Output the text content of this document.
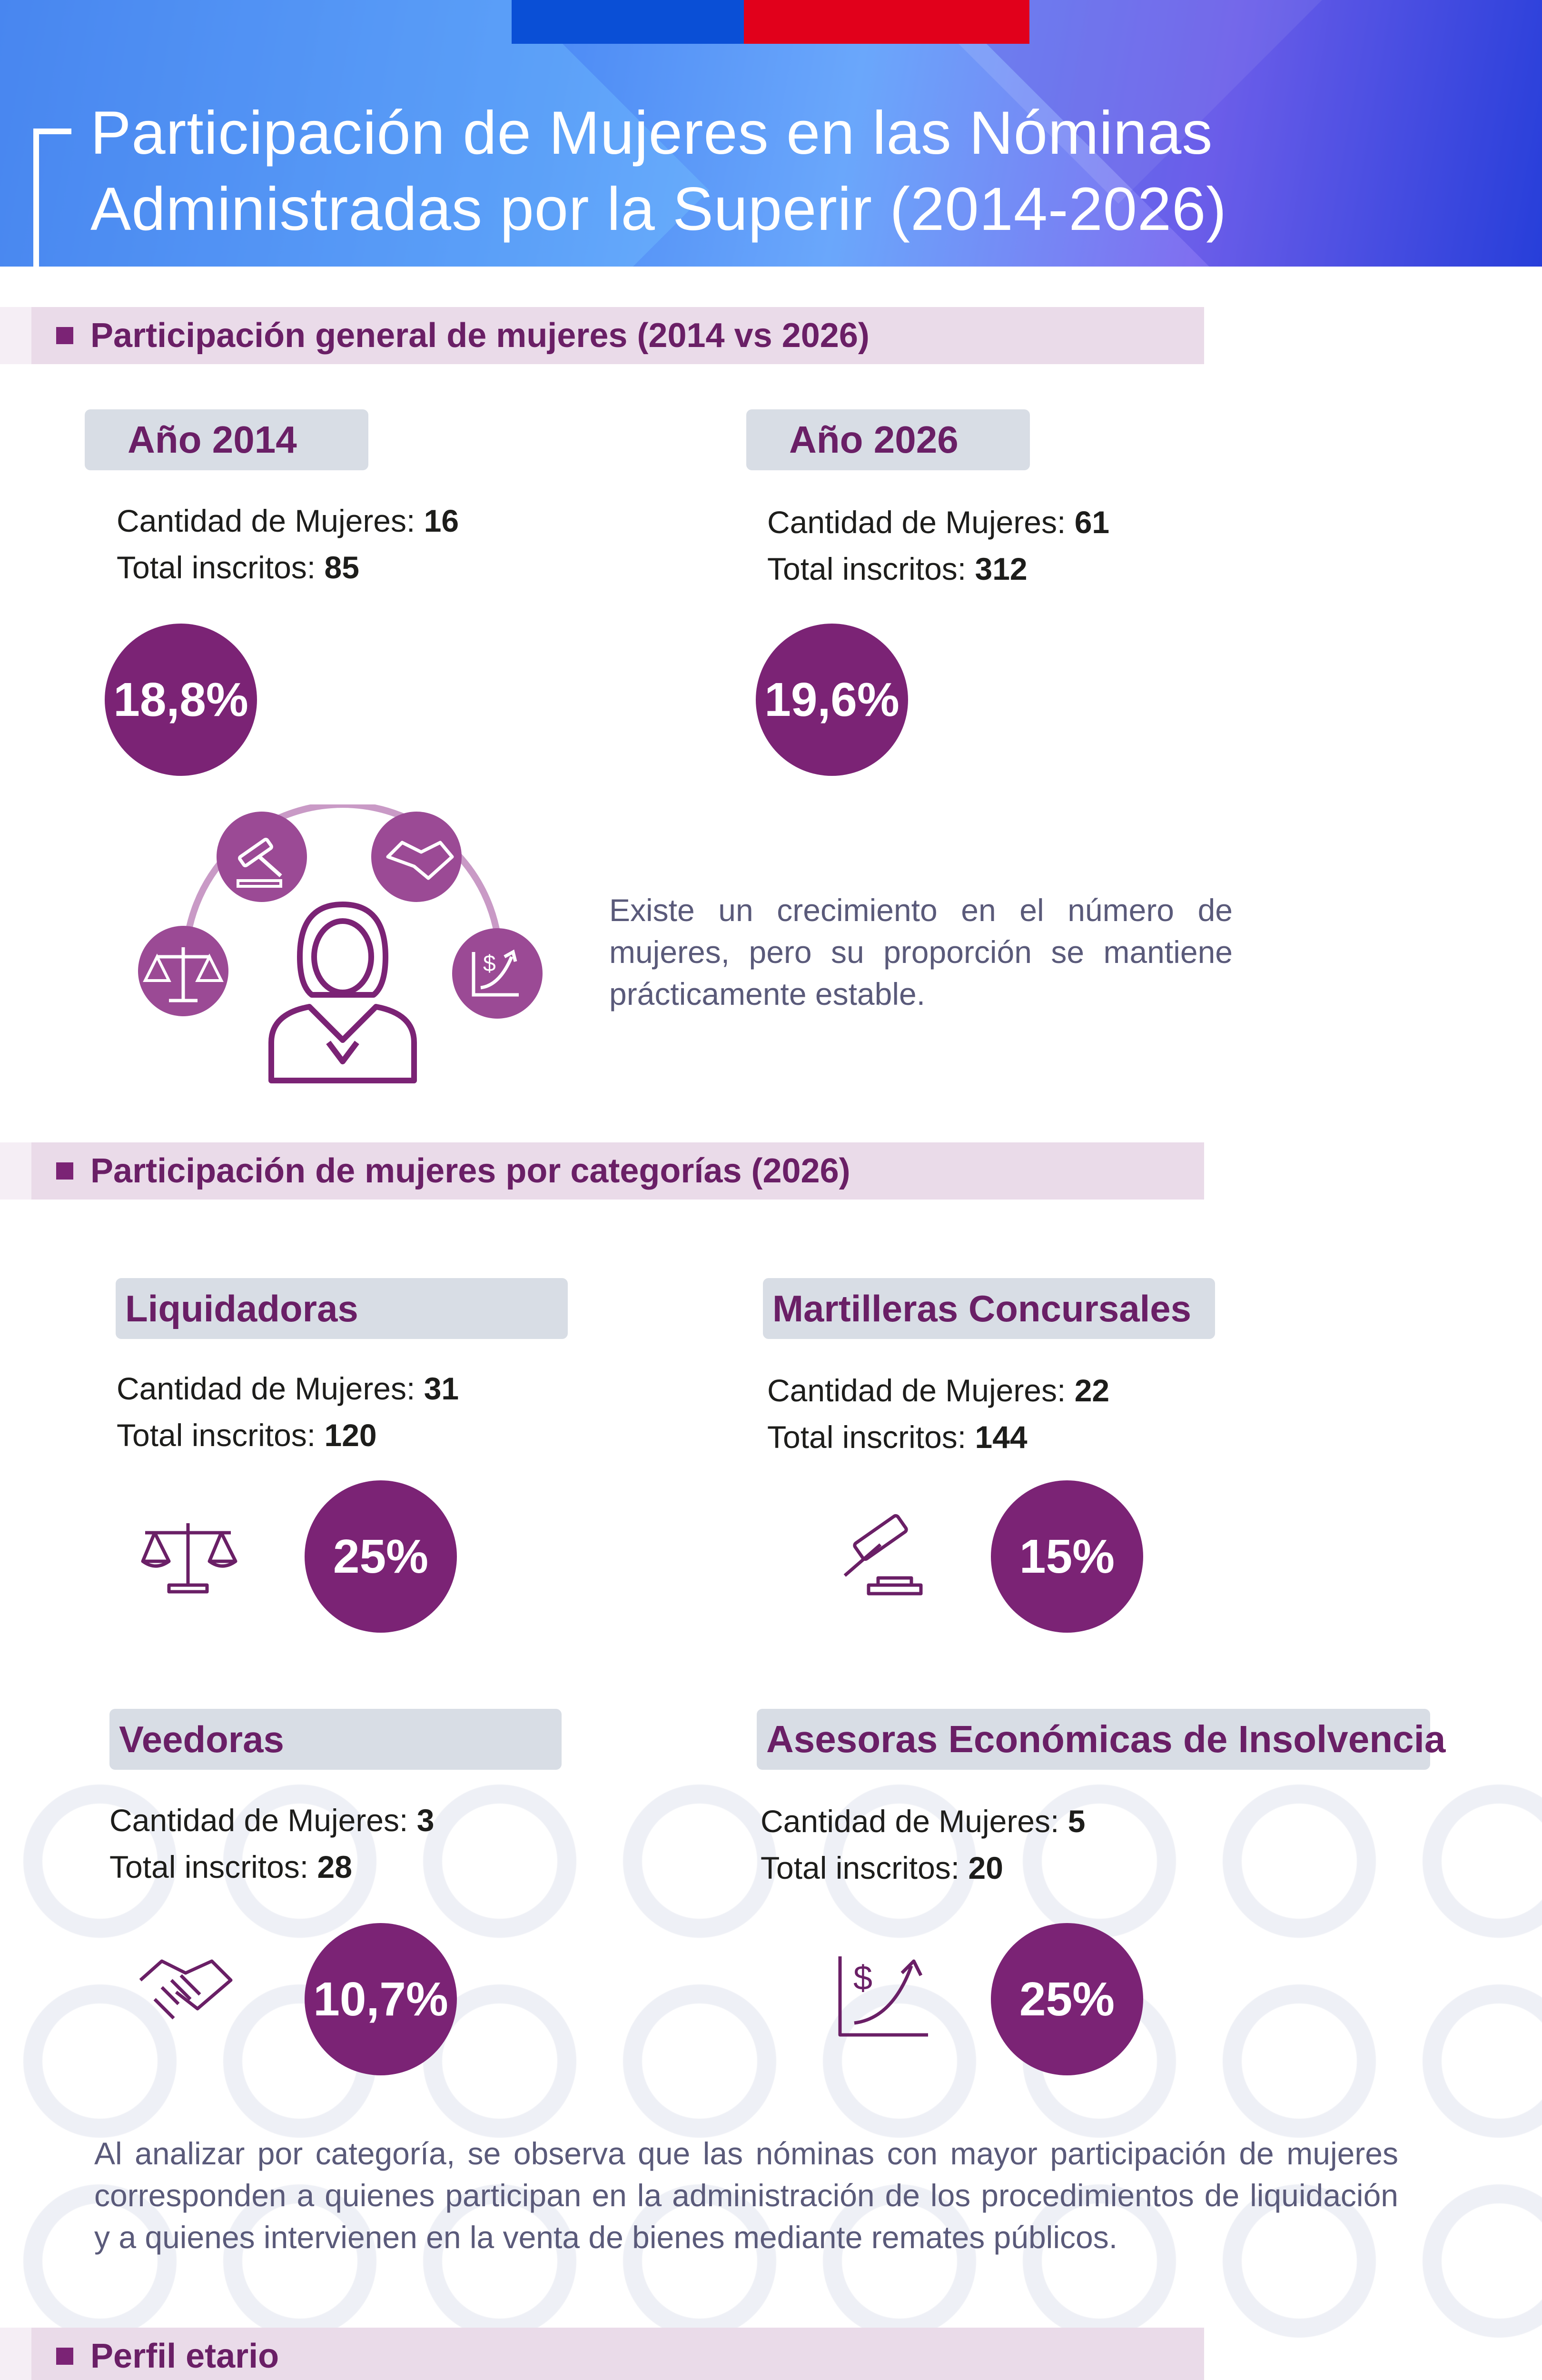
Participación de Mujeres en las Nóminas
Administradas por la Superir (2014-2026)
Participación general de mujeres (2014 vs 2026)
Año 2014
Cantidad de Mujeres: 16
Total inscritos: 85
18,8%
Año 2026
Cantidad de Mujeres: 61
Total inscritos: 312
19,6%
$
Existe un crecimiento en el número de mujeres, pero su proporción se mantiene prácticamente estable.
Participación de mujeres por categorías (2026)
Liquidadoras
Cantidad de Mujeres: 31
Total inscritos: 120
25%
Martilleras Concursales
Cantidad de Mujeres: 22
Total inscritos: 144
15%
Veedoras
Cantidad de Mujeres: 3
Total inscritos: 28
10,7%
Asesoras Económicas de Insolvencia
Cantidad de Mujeres: 5
Total inscritos: 20
$	25%
Al analizar por categoría, se observa que las nóminas con mayor participación de mujeres corresponden a quienes participan en la administración de los procedimientos de liquidación y a quienes intervienen en la venta de bienes mediante remates públicos.
Perfil etario
